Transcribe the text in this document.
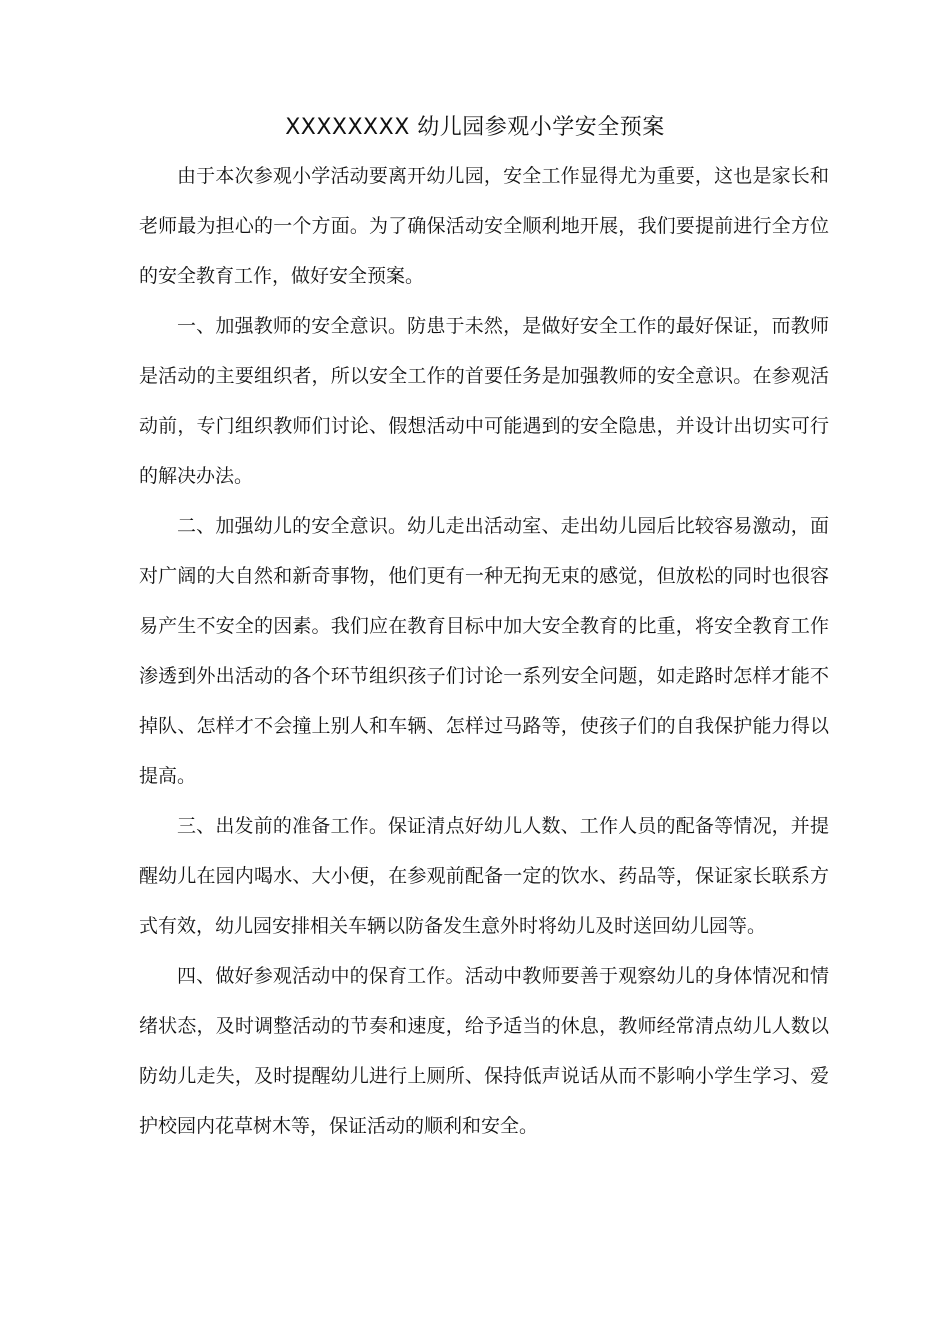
XXXXXXXX 幼儿园参观小学安全预案

由于本次参观小学活动要离开幼儿园，安全工作显得尤为重要，这也是家长和老师最为担心的一个方面。为了确保活动安全顺利地开展，我们要提前进行全方位的安全教育工作，做好安全预案。

一、加强教师的安全意识。防患于未然，是做好安全工作的最好保证，而教师是活动的主要组织者，所以安全工作的首要任务是加强教师的安全意识。在参观活动前，专门组织教师们讨论、假想活动中可能遇到的安全隐患，并设计出切实可行的解决办法。

二、加强幼儿的安全意识。幼儿走出活动室、走出幼儿园后比较容易激动，面对广阔的大自然和新奇事物，他们更有一种无拘无束的感觉，但放松的同时也很容易产生不安全的因素。我们应在教育目标中加大安全教育的比重，将安全教育工作渗透到外出活动的各个环节组织孩子们讨论一系列安全问题，如走路时怎样才能不掉队、怎样才不会撞上别人和车辆、怎样过马路等，使孩子们的自我保护能力得以提高。

三、出发前的准备工作。保证清点好幼儿人数、工作人员的配备等情况，并提醒幼儿在园内喝水、大小便，在参观前配备一定的饮水、药品等，保证家长联系方式有效，幼儿园安排相关车辆以防备发生意外时将幼儿及时送回幼儿园等。

四、做好参观活动中的保育工作。活动中教师要善于观察幼儿的身体情况和情绪状态，及时调整活动的节奏和速度，给予适当的休息，教师经常清点幼儿人数以防幼儿走失，及时提醒幼儿进行上厕所、保持低声说话从而不影响小学生学习、爱护校园内花草树木等，保证活动的顺利和安全。
